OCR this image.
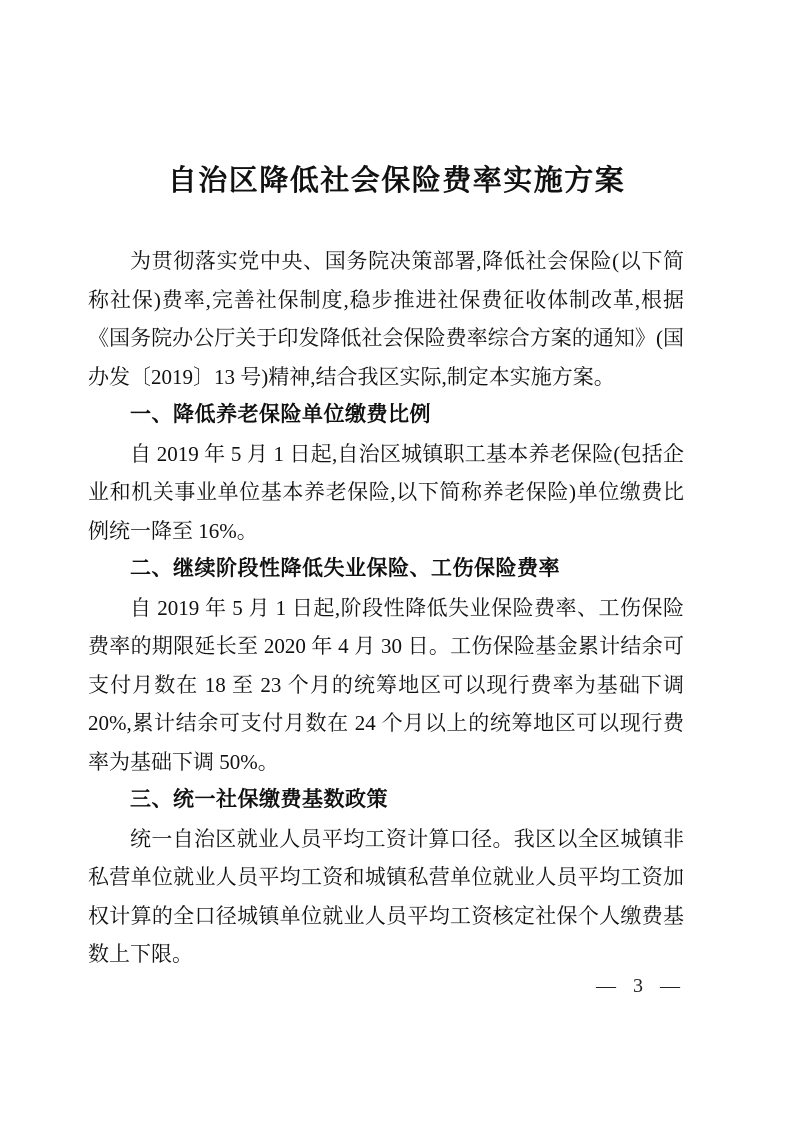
自治区降低社会保险费率实施方案

为贯彻落实党中央、国务院决策部署,降低社会保险(以下简称社保)费率,完善社保制度,稳步推进社保费征收体制改革,根据《国务院办公厅关于印发降低社会保险费率综合方案的通知》(国办发〔2019〕13 号)精神,结合我区实际,制定本实施方案。

一、降低养老保险单位缴费比例

自 2019 年 5 月 1 日起,自治区城镇职工基本养老保险(包括企业和机关事业单位基本养老保险,以下简称养老保险)单位缴费比例统一降至 16%。

二、继续阶段性降低失业保险、工伤保险费率

自 2019 年 5 月 1 日起,阶段性降低失业保险费率、工伤保险费率的期限延长至 2020 年 4 月 30 日。工伤保险基金累计结余可支付月数在 18 至 23 个月的统筹地区可以现行费率为基础下调 20%,累计结余可支付月数在 24 个月以上的统筹地区可以现行费率为基础下调 50%。

三、统一社保缴费基数政策

统一自治区就业人员平均工资计算口径。我区以全区城镇非私营单位就业人员平均工资和城镇私营单位就业人员平均工资加权计算的全口径城镇单位就业人员平均工资核定社保个人缴费基数上下限。

— 3 —
